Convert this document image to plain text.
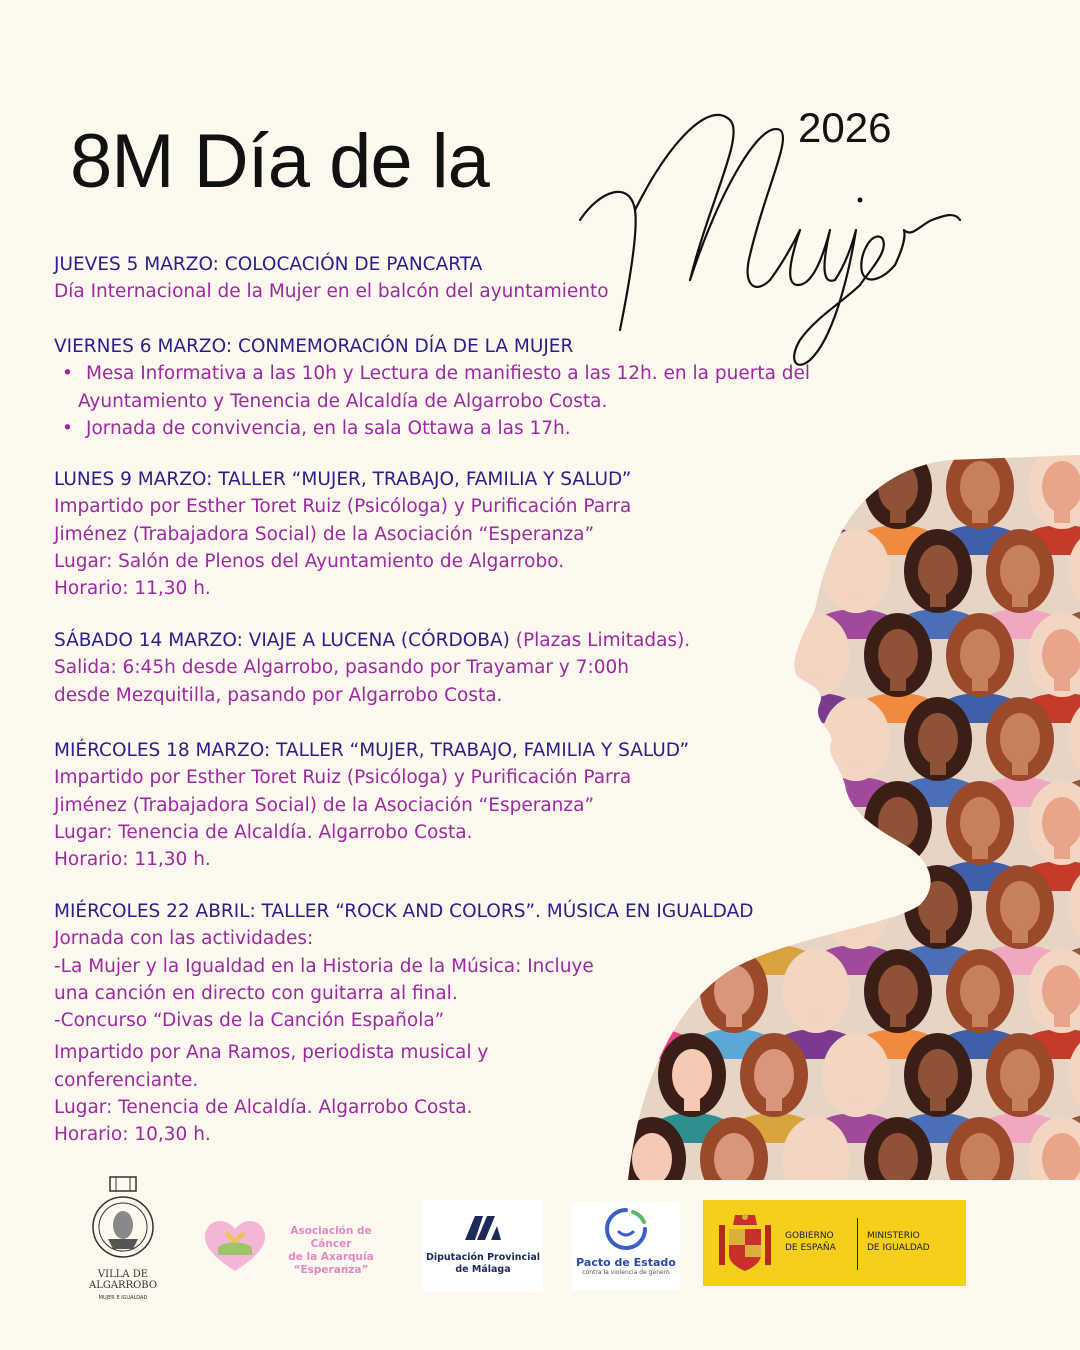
8M Día de la	2026
JUEVES 5 MARZO: COLOCACIÓN DE PANCARTA
Día Internacional de la Mujer en el balcón del ayuntamiento
VIERNES 6 MARZO: CONMEMORACIÓN DÍA DE LA MUJER
• Mesa Informativa a las 10h y Lectura de manifiesto a las 12h. en la puerta del
Ayuntamiento y Tenencia de Alcaldía de Algarrobo Costa.
• Jornada de convivencia, en la sala Ottawa a las 17h.
LUNES 9 MARZO: TALLER “MUJER, TRABAJO, FAMILIA Y SALUD”
Impartido por Esther Toret Ruiz (Psicóloga) y Purificación Parra
Jiménez (Trabajadora Social) de la Asociación “Esperanza”
Lugar: Salón de Plenos del Ayuntamiento de Algarrobo.
Horario: 11,30 h.
SÁBADO 14 MARZO: VIAJE A LUCENA (CÓRDOBA) (Plazas Limitadas).
Salida: 6:45h desde Algarrobo, pasando por Trayamar y 7:00h
desde Mezquitilla, pasando por Algarrobo Costa.
MIÉRCOLES 18 MARZO: TALLER “MUJER, TRABAJO, FAMILIA Y SALUD”
Impartido por Esther Toret Ruiz (Psicóloga) y Purificación Parra
Jiménez (Trabajadora Social) de la Asociación “Esperanza”
Lugar: Tenencia de Alcaldía. Algarrobo Costa.
Horario: 11,30 h.
MIÉRCOLES 22 ABRIL: TALLER “ROCK AND COLORS”. MÚSICA EN IGUALDAD
Jornada con las actividades:
-La Mujer y la Igualdad en la Historia de la Música: Incluye
una canción en directo con guitarra al final.
-Concurso “Divas de la Canción Española”
Impartido por Ana Ramos, periodista musical y
conferenciante.
Lugar: Tenencia de Alcaldía. Algarrobo Costa.
Horario: 10,30 h.
VILLA DE
ALGARROBO
MUJER E IGUALDAD
Asociación de Cáncer
de la Axarquía
“Esperanza”
Diputación Provincial
de Málaga
Pacto de Estado
contra la violencia de género
GOBIERNO
DE ESPAÑA
MINISTERIO
DE IGUALDAD
